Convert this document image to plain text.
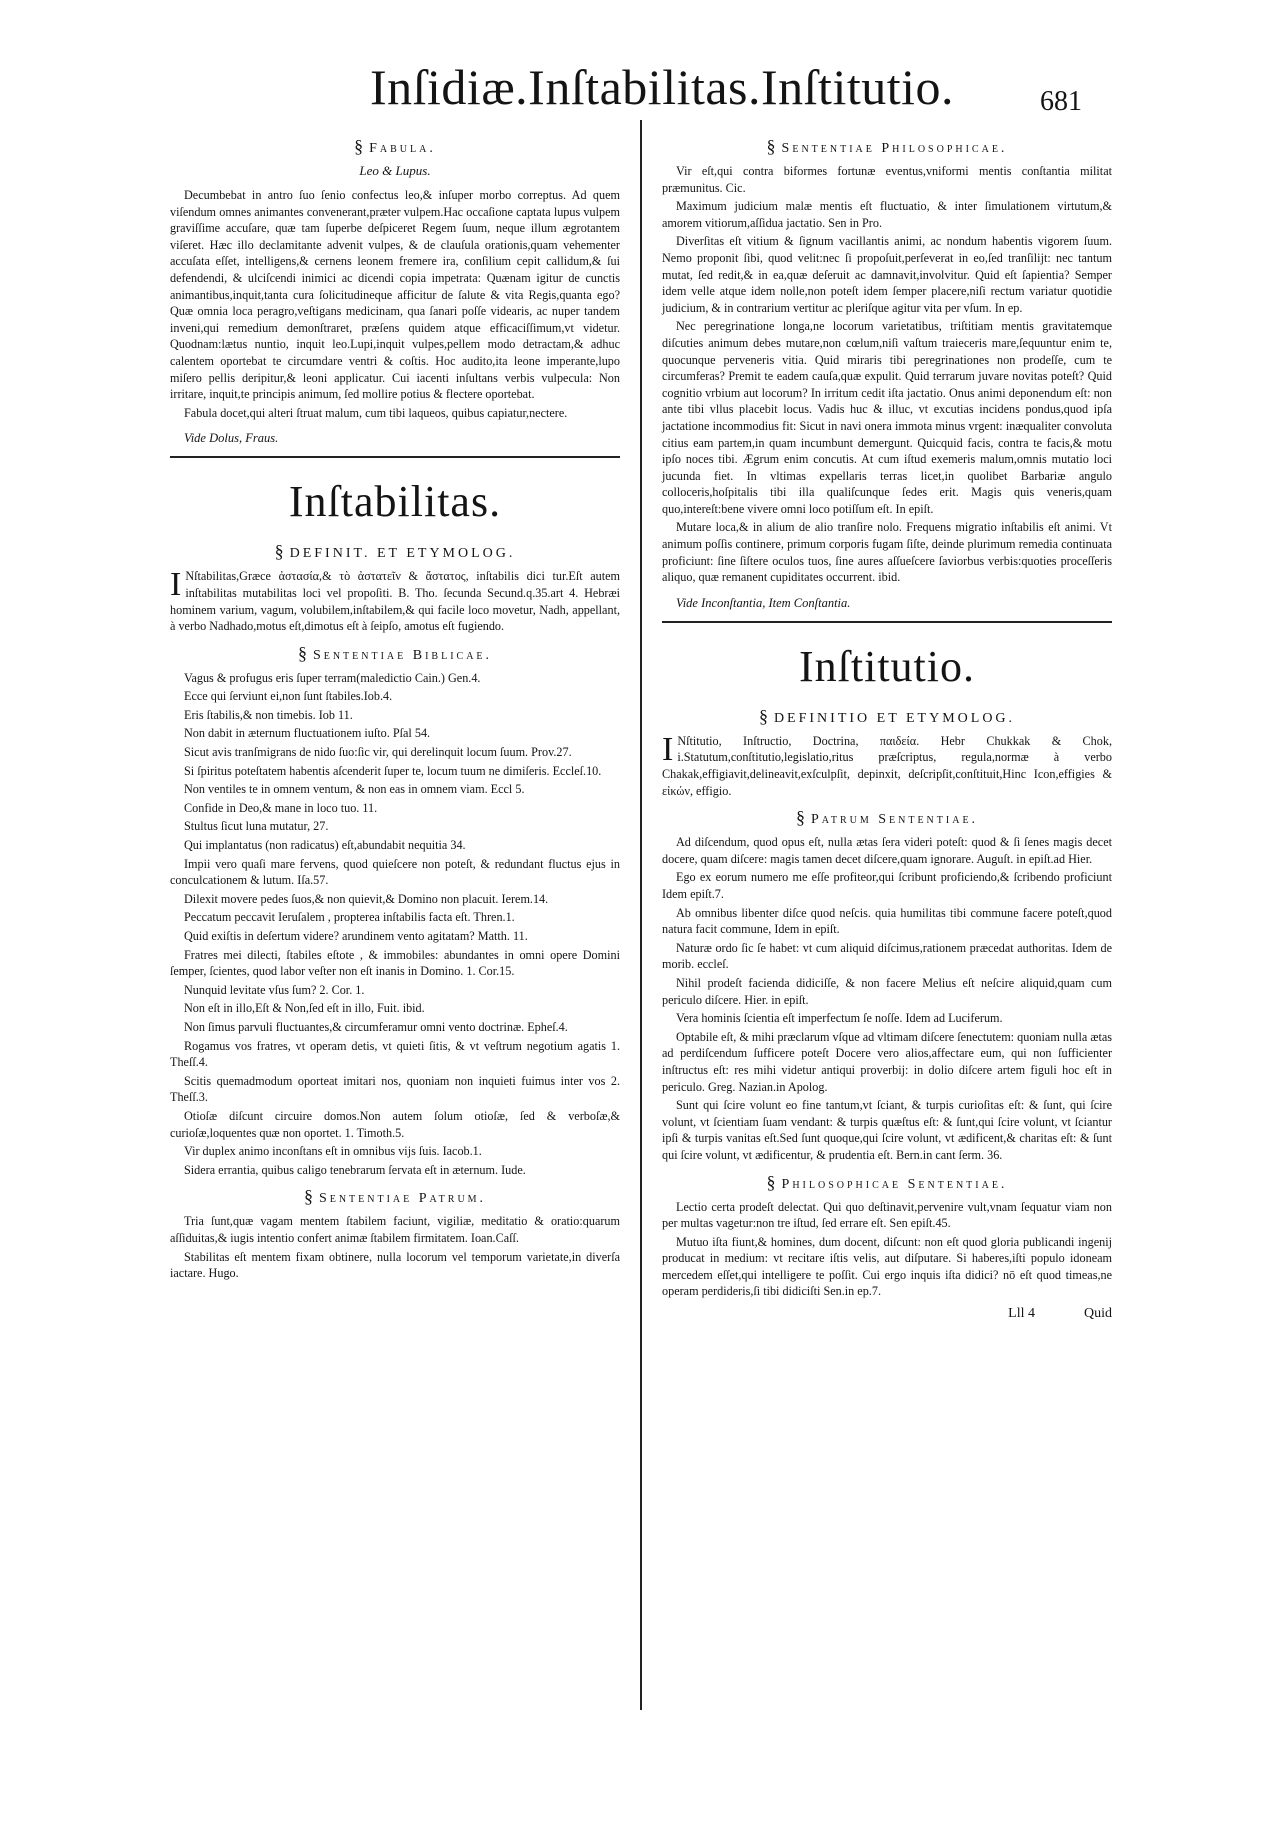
Inſidiæ.Inſtabilitas.Inſtitutio.	681
§ Fabula.
Leo & Lupus.

Decumbebat in antro ſuo ſenio confectus leo,& inſuper morbo correptus. Ad quem viſendum omnes animantes convenerant,præter vulpem.Hac occaſione captata lupus vulpem graviſſime accuſare, quæ tam ſuperbe deſpiceret Regem ſuum, neque illum ægrotantem viſeret. Hæc illo declamitante advenit vulpes, & de clauſula orationis,quam vehementer accuſata eſſet, intelligens,& cernens leonem fremere ira, conſilium cepit callidum,& ſui defendendi, & ulciſcendi inimici ac dicendi copia impetrata: Quænam igitur de cunctis animantibus,inquit,tanta cura ſolicitudineque afficitur de ſalute & vita Regis,quanta ego? Quæ omnia loca peragro,veſtigans medicinam, qua ſanari poſſe videaris, ac nuper tandem inveni,qui remedium demonſtraret, præſens quidem atque efficaciſſimum,vt videtur. Quodnam:lætus nuntio, inquit leo.Lupi,inquit vulpes,pellem modo detractam,& adhuc calentem oportebat te circumdare ventri & coſtis. Hoc audito,ita leone imperante,lupo miſero pellis deripitur,& leoni applicatur. Cui iacenti inſultans verbis vulpecula: Non irritare, inquit,te principis animum, ſed mollire potius & flectere oportebat.

Fabula docet,qui alteri ſtruat malum, cum tibi laqueos, quibus capiatur,nectere.

Vide Dolus, Fraus.
Inſtabilitas.
§ DEFINIT. ET ETYMOLOG.

I Nſtabilitas,Græce ἀστασία,& τὸ ἀστατεῖν & ἄστατος, inſtabilis dici tur.Eſt autem inſtabilitas mutabilitas loci vel propoſiti. B. Tho. ſecunda Secund.q.35.art 4. Hebræi hominem varium, vagum, volubilem,inſtabilem,& qui facile loco movetur, Nadh, appellant, à verbo Nadhado,motus eſt,dimotus eſt à ſeipſo, amotus eſt fugiendo.

§ Sententiae Biblicae.

Vagus & profugus eris ſuper terram(maledictio Cain.) Gen.4.

Ecce qui ſerviunt ei,non ſunt ſtabiles.Iob.4.

Eris ſtabilis,& non timebis. Iob 11.

Non dabit in æternum fluctuationem iuſto. Pſal 54.

Sicut avis tranſmigrans de nido ſuo:ſic vir, qui derelinquit locum ſuum. Prov.27.

Si ſpiritus poteſtatem habentis aſcenderit ſuper te, locum tuum ne dimiſeris. Eccleſ.10.

Non ventiles te in omnem ventum, & non eas in omnem viam. Eccl 5.

Confide in Deo,& mane in loco tuo. 11.

Stultus ſicut luna mutatur, 27.

Qui implantatus (non radicatus) eſt,abundabit nequitia 34.

Impii vero quaſi mare fervens, quod quieſcere non poteſt, & redundant fluctus ejus in conculcationem & lutum. Iſa.57.

Dilexit movere pedes ſuos,& non quievit,& Domino non placuit. Ierem.14.

Peccatum peccavit Ieruſalem , propterea inſtabilis facta eſt. Thren.1.

Quid exiſtis in deſertum videre? arundinem vento agitatam? Matth. 11.

Fratres mei dilecti, ſtabiles eſtote , & immobiles: abundantes in omni opere Domini ſemper, ſcientes, quod labor veſter non eſt inanis in Domino. 1. Cor.15.

Nunquid levitate vſus ſum? 2. Cor. 1.

Non eſt in illo,Eſt & Non,ſed eſt in illo, Fuit. ibid.

Non ſimus parvuli fluctuantes,& circumferamur omni vento doctrinæ. Epheſ.4.

Rogamus vos fratres, vt operam detis, vt quieti ſitis, & vt veſtrum negotium agatis 1. Theſſ.4.

Scitis quemadmodum oporteat imitari nos, quoniam non inquieti fuimus inter vos 2. Theſſ.3.

Otioſæ diſcunt circuire domos.Non autem ſolum otioſæ, ſed & verboſæ,& curioſæ,loquentes quæ non oportet. 1. Timoth.5.

Vir duplex animo inconſtans eſt in omnibus vijs ſuis. Iacob.1.

Sidera errantia, quibus caligo tenebrarum ſervata eſt in æternum. Iude.

§ Sententiae Patrum.

Tria ſunt,quæ vagam mentem ſtabilem faciunt, vigiliæ, meditatio & oratio:quarum aſſiduitas,& iugis intentio confert animæ ſtabilem firmitatem. Ioan.Caſſ.

Stabilitas eſt mentem fixam obtinere, nulla locorum vel temporum varietate,in diverſa iactare. Hugo.

§ Sententiae Philosophicae.

Vir eſt,qui contra biformes fortunæ eventus,vniformi mentis conſtantia militat præmunitus. Cic.

Maximum judicium malæ mentis eſt fluctuatio, & inter ſimulationem virtutum,& amorem vitiorum,aſſidua jactatio. Sen in Pro.

Diverſitas eſt vitium & ſignum vacillantis animi, ac nondum habentis vigorem ſuum. Nemo proponit ſibi, quod velit:nec ſi propoſuit,perſeverat in eo,ſed tranſilijt: nec tantum mutat, ſed redit,& in ea,quæ deſeruit ac damnavit,involvitur. Quid eſt ſapientia? Semper idem velle atque idem nolle,non poteſt idem ſemper placere,niſi rectum variatur quotidie judicium, & in contrarium vertitur ac pleriſque agitur vita per vſum. In ep.

Nec peregrinatione longa,ne locorum varietatibus, triſtitiam mentis gravitatemque diſcuties animum debes mutare,non cœlum,niſi vaſtum traieceris mare,ſequuntur enim te, quocunque perveneris vitia. Quid miraris tibi peregrinationes non prodeſſe, cum te circumferas? Premit te eadem cauſa,quæ expulit. Quid terrarum juvare novitas poteſt? Quid cognitio vrbium aut locorum? In irritum cedit iſta jactatio. Onus animi deponendum eſt: non ante tibi vllus placebit locus. Vadis huc & illuc, vt excutias incidens pondus,quod ipſa jactatione incommodius fit: Sicut in navi onera immota minus vrgent: inæqualiter convoluta citius eam partem,in quam incumbunt demergunt. Quicquid facis, contra te facis,& motu ipſo noces tibi. Ægrum enim concutis. At cum iſtud exemeris malum,omnis mutatio loci jucunda fiet. In vltimas expellaris terras licet,in quolibet Barbariæ angulo colloceris,hoſpitalis tibi illa qualiſcunque ſedes erit. Magis quis veneris,quam quo,intereſt:bene vivere omni loco potiſſum eſt. In epiſt.

Mutare loca,& in alium de alio tranſire nolo. Frequens migratio inſtabilis eſt animi. Vt animum poſſis continere, primum corporis fugam ſiſte, deinde plurimum remedia continuata proficiunt: ſine ſiſtere oculos tuos, ſine aures aſſueſcere ſaviorbus verbis:quoties proceſſeris aliquo, quæ remanent cupiditates occurrent. ibid.

Vide Inconſtantia, Item Conſtantia.
Inſtitutio.
§ DEFINITIO ET ETYMOLOG.

I Nſtitutio, Inſtructio, Doctrina, παιδεία. Hebr Chukkak & Chok, i.Statutum,conſtitutio,legislatio,ritus præſcriptus, regula,normæ à verbo Chakak,effigiavit,delineavit,exſculpſit, depinxit, deſcripſit,conſtituit,Hinc Icon,effigies & εἰκών, effigio.

§ Patrum Sententiae.

Ad diſcendum, quod opus eſt, nulla ætas ſera videri poteſt: quod & ſi ſenes magis decet docere, quam diſcere: magis tamen decet diſcere,quam ignorare. Auguſt. in epiſt.ad Hier.

Ego ex eorum numero me eſſe profiteor,qui ſcribunt proficiendo,& ſcribendo proficiunt Idem epiſt.7.

Ab omnibus libenter diſce quod neſcis. quia humilitas tibi commune facere poteſt,quod natura facit commune, Idem in epiſt.

Naturæ ordo ſic ſe habet: vt cum aliquid diſcimus,rationem præcedat authoritas. Idem de morib. eccleſ.

Nihil prodeſt facienda didiciſſe, & non facere Melius eſt neſcire aliquid,quam cum periculo diſcere. Hier. in epiſt.

Vera hominis ſcientia eſt imperfectum ſe noſſe. Idem ad Luciferum.

Optabile eſt, & mihi præclarum vſque ad vltimam diſcere ſenectutem: quoniam nulla ætas ad perdiſcendum ſufficere poteſt Docere vero alios,affectare eum, qui non ſufficienter inſtructus eſt: res mihi videtur antiqui proverbij: in dolio diſcere artem figuli hoc eſt in periculo. Greg. Nazian.in Apolog.

Sunt qui ſcire volunt eo fine tantum,vt ſciant, & turpis curioſitas eſt: & ſunt, qui ſcire volunt, vt ſcientiam ſuam vendant: & turpis quæſtus eſt: & ſunt,qui ſcire volunt, vt ſciantur ipſi & turpis vanitas eſt.Sed ſunt quoque,qui ſcire volunt, vt ædificent,& charitas eſt: & ſunt qui ſcire volunt, vt ædificentur, & prudentia eſt. Bern.in cant ſerm. 36.

§ Philosophicae Sententiae.

Lectio certa prodeſt delectat. Qui quo deſtinavit,pervenire vult,vnam ſequatur viam non per multas vagetur:non tre iſtud, ſed errare eſt. Sen epiſt.45.

Mutuo iſta fiunt,& homines, dum docent, diſcunt: non eſt quod gloria publicandi ingenij producat in medium: vt recitare iſtis velis, aut diſputare. Si haberes,iſti populo idoneam mercedem eſſet,qui intelligere te poſſit. Cui ergo inquis iſta didici? nō eſt quod timeas,ne operam perdideris,ſi tibi didiciſti Sen.in ep.7.

Lll 4	Quid
